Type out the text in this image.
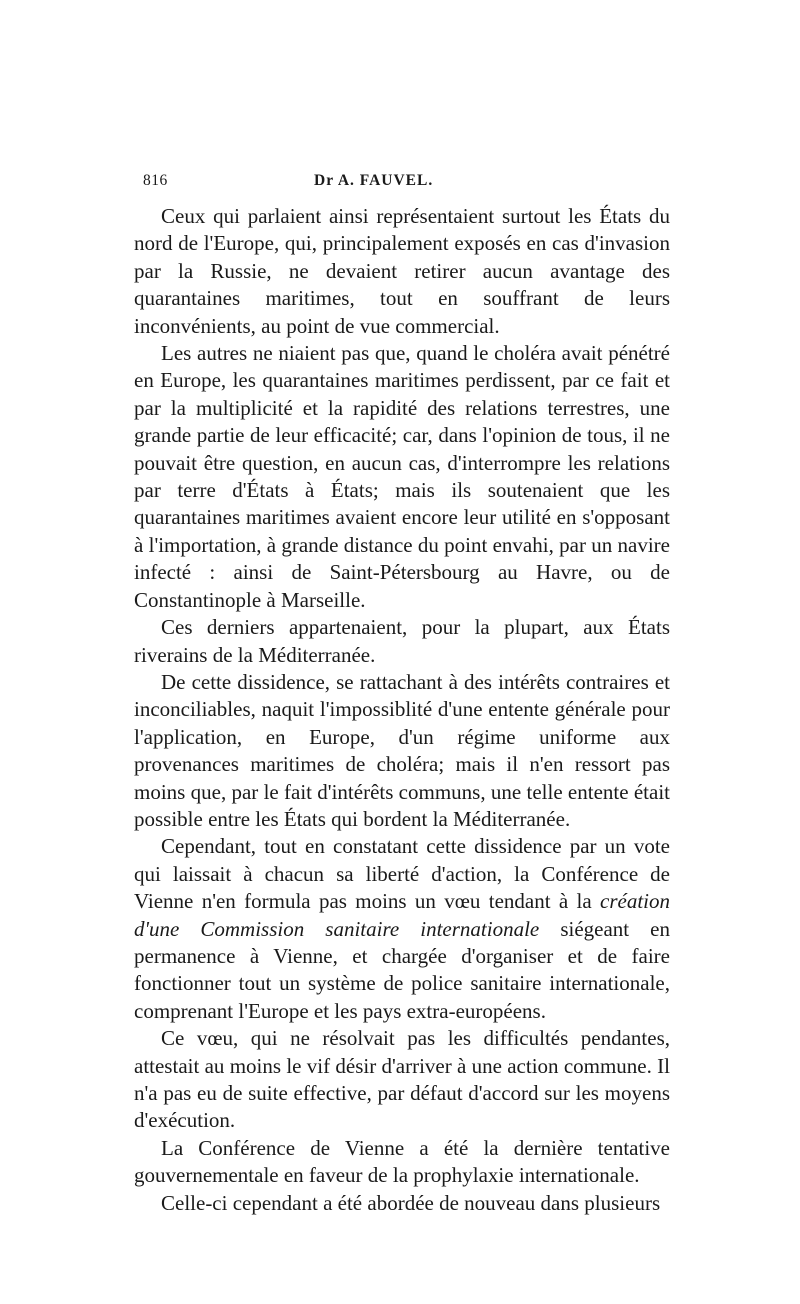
816	Dr A. FAUVEL.

Ceux qui parlaient ainsi représentaient surtout les États du nord de l'Europe, qui, principalement exposés en cas d'invasion par la Russie, ne devaient retirer aucun avantage des quarantaines maritimes, tout en souffrant de leurs inconvénients, au point de vue commercial.

Les autres ne niaient pas que, quand le choléra avait pénétré en Europe, les quarantaines maritimes perdissent, par ce fait et par la multiplicité et la rapidité des relations terrestres, une grande partie de leur efficacité; car, dans l'opinion de tous, il ne pouvait être question, en aucun cas, d'interrompre les relations par terre d'États à États; mais ils soutenaient que les quarantaines maritimes avaient encore leur utilité en s'opposant à l'importation, à grande distance du point envahi, par un navire infecté : ainsi de Saint-Pétersbourg au Havre, ou de Constantinople à Marseille.

Ces derniers appartenaient, pour la plupart, aux États riverains de la Méditerranée.

De cette dissidence, se rattachant à des intérêts contraires et inconciliables, naquit l'impossiblité d'une entente générale pour l'application, en Europe, d'un régime uniforme aux provenances maritimes de choléra; mais il n'en ressort pas moins que, par le fait d'intérêts communs, une telle entente était possible entre les États qui bordent la Méditerranée.

Cependant, tout en constatant cette dissidence par un vote qui laissait à chacun sa liberté d'action, la Conférence de Vienne n'en formula pas moins un vœu tendant à la création d'une Commission sanitaire internationale siégeant en permanence à Vienne, et chargée d'organiser et de faire fonctionner tout un système de police sanitaire internationale, comprenant l'Europe et les pays extra-européens.

Ce vœu, qui ne résolvait pas les difficultés pendantes, attestait au moins le vif désir d'arriver à une action commune. Il n'a pas eu de suite effective, par défaut d'accord sur les moyens d'exécution.

La Conférence de Vienne a été la dernière tentative gouvernementale en faveur de la prophylaxie internationale.

Celle-ci cependant a été abordée de nouveau dans plusieurs
